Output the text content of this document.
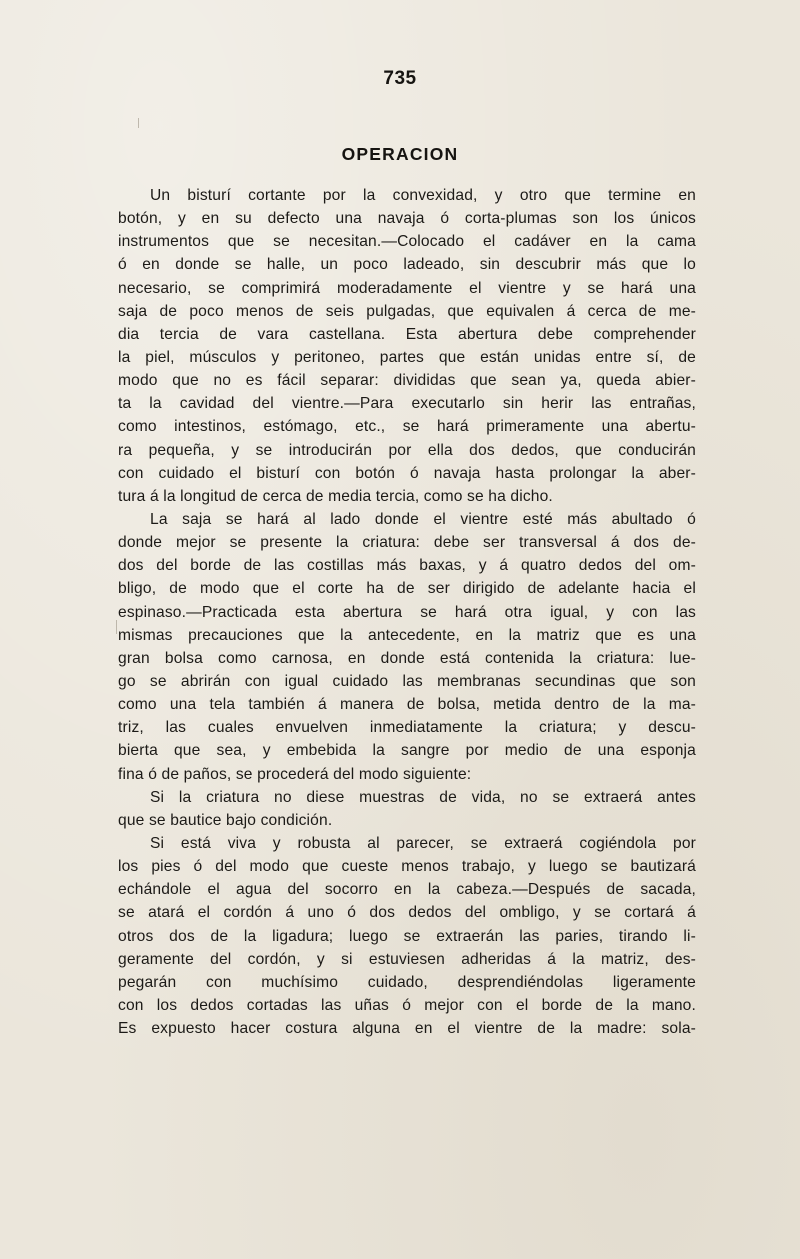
735
OPERACION
Un bisturí cortante por la convexidad, y otro que termine en
botón, y en su defecto una navaja ó corta-plumas son los únicos
instrumentos que se necesitan.—Colocado el cadáver en la cama
ó en donde se halle, un poco ladeado, sin descubrir más que lo
necesario, se comprimirá moderadamente el vientre y se hará una
saja de poco menos de seis pulgadas, que equivalen á cerca de me-
dia tercia de vara castellana. Esta abertura debe comprehender
la piel, músculos y peritoneo, partes que están unidas entre sí, de
modo que no es fácil separar: divididas que sean ya, queda abier-
ta la cavidad del vientre.—Para executarlo sin herir las entrañas,
como intestinos, estómago, etc., se hará primeramente una abertu-
ra pequeña, y se introducirán por ella dos dedos, que conducirán
con cuidado el bisturí con botón ó navaja hasta prolongar la aber-
tura á la longitud de cerca de media tercia, como se ha dicho.
La saja se hará al lado donde el vientre esté más abultado ó
donde mejor se presente la criatura: debe ser transversal á dos de-
dos del borde de las costillas más baxas, y á quatro dedos del om-
bligo, de modo que el corte ha de ser dirigido de adelante hacia el
espinaso.—Practicada esta abertura se hará otra igual, y con las
mismas precauciones que la antecedente, en la matriz que es una
gran bolsa como carnosa, en donde está contenida la criatura: lue-
go se abrirán con igual cuidado las membranas secundinas que son
como una tela también á manera de bolsa, metida dentro de la ma-
triz, las cuales envuelven inmediatamente la criatura; y descu-
bierta que sea, y embebida la sangre por medio de una esponja
fina ó de paños, se procederá del modo siguiente:
Si la criatura no diese muestras de vida, no se extraerá antes
que se bautice bajo condición.
Si está viva y robusta al parecer, se extraerá cogiéndola por
los pies ó del modo que cueste menos trabajo, y luego se bautizará
echándole el agua del socorro en la cabeza.—Después de sacada,
se atará el cordón á uno ó dos dedos del ombligo, y se cortará á
otros dos de la ligadura; luego se extraerán las paries, tirando li-
geramente del cordón, y si estuviesen adheridas á la matriz, des-
pegarán con muchísimo cuidado, desprendiéndolas ligeramente
con los dedos cortadas las uñas ó mejor con el borde de la mano.
Es expuesto hacer costura alguna en el vientre de la madre: sola-
